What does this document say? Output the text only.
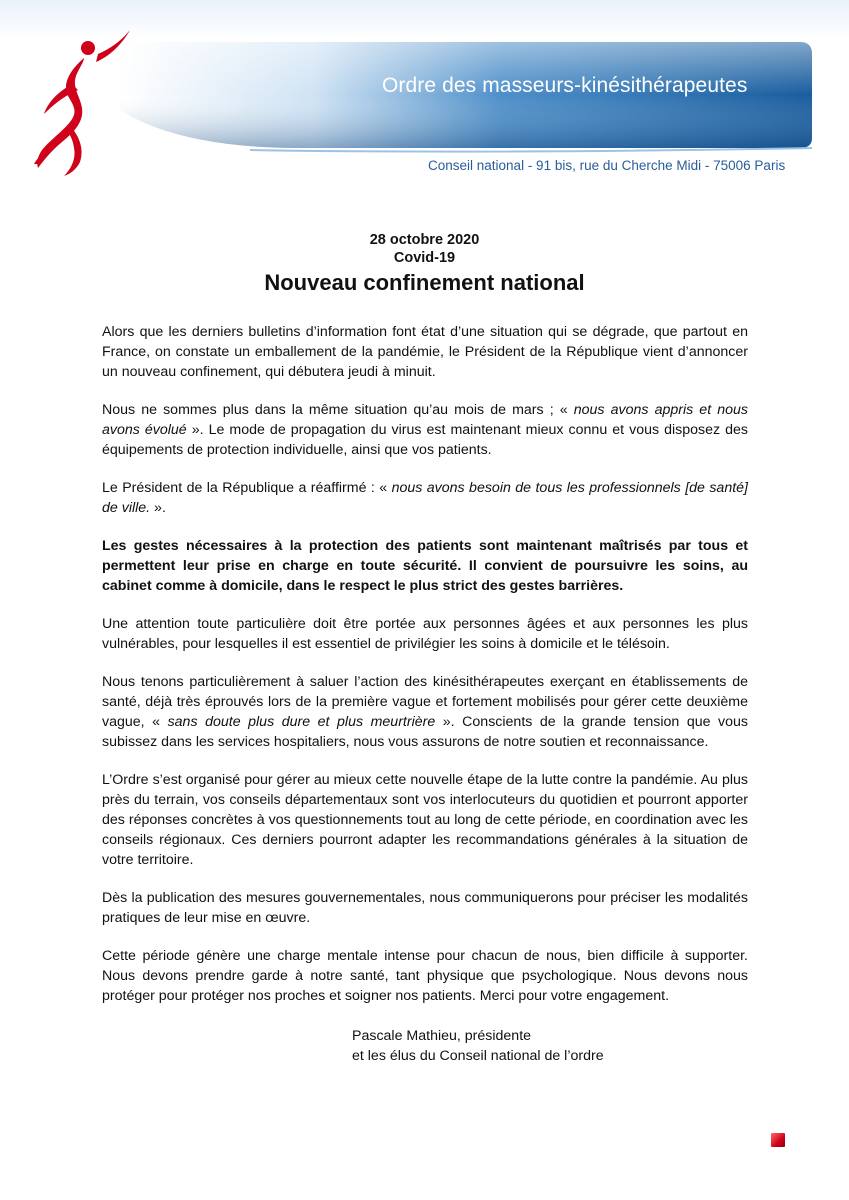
Ordre des masseurs-kinésithérapeutes
Conseil national - 91 bis, rue du Cherche Midi - 75006 Paris
28 octobre 2020
Covid-19
Nouveau confinement national

Alors que les derniers bulletins d’information font état d’une situation qui se dégrade, que partout en France, on constate un emballement de la pandémie, le Président de la République vient d’annoncer un nouveau confinement, qui débutera jeudi à minuit.

Nous ne sommes plus dans la même situation qu’au mois de mars ; « nous avons appris et nous avons évolué ». Le mode de propagation du virus est maintenant mieux connu et vous disposez des équipements de protection individuelle, ainsi que vos patients.

Le Président de la République a réaffirmé : « nous avons besoin de tous les professionnels [de santé] de ville. ».

Les gestes nécessaires à la protection des patients sont maintenant maîtrisés par tous et permettent leur prise en charge en toute sécurité. Il convient de poursuivre les soins, au cabinet comme à domicile, dans le respect le plus strict des gestes barrières.

Une attention toute particulière doit être portée aux personnes âgées et aux personnes les plus vulnérables, pour lesquelles il est essentiel de privilégier les soins à domicile et le télésoin.

Nous tenons particulièrement à saluer l’action des kinésithérapeutes exerçant en établissements de santé, déjà très éprouvés lors de la première vague et fortement mobilisés pour gérer cette deuxième vague, « sans doute plus dure et plus meurtrière ». Conscients de la grande tension que vous subissez dans les services hospitaliers, nous vous assurons de notre soutien et reconnaissance.

L’Ordre s’est organisé pour gérer au mieux cette nouvelle étape de la lutte contre la pandémie. Au plus près du terrain, vos conseils départementaux sont vos interlocuteurs du quotidien et pourront apporter des réponses concrètes à vos questionnements tout au long de cette période, en coordination avec les conseils régionaux. Ces derniers pourront adapter les recommandations générales à la situation de votre territoire.

Dès la publication des mesures gouvernementales, nous communiquerons pour préciser les modalités pratiques de leur mise en œuvre.

Cette période génère une charge mentale intense pour chacun de nous, bien difficile à supporter. Nous devons prendre garde à notre santé, tant physique que psychologique. Nous devons nous protéger pour protéger nos proches et soigner nos patients. Merci pour votre engagement.

Pascale Mathieu, présidente
et les élus du Conseil national de l’ordre
